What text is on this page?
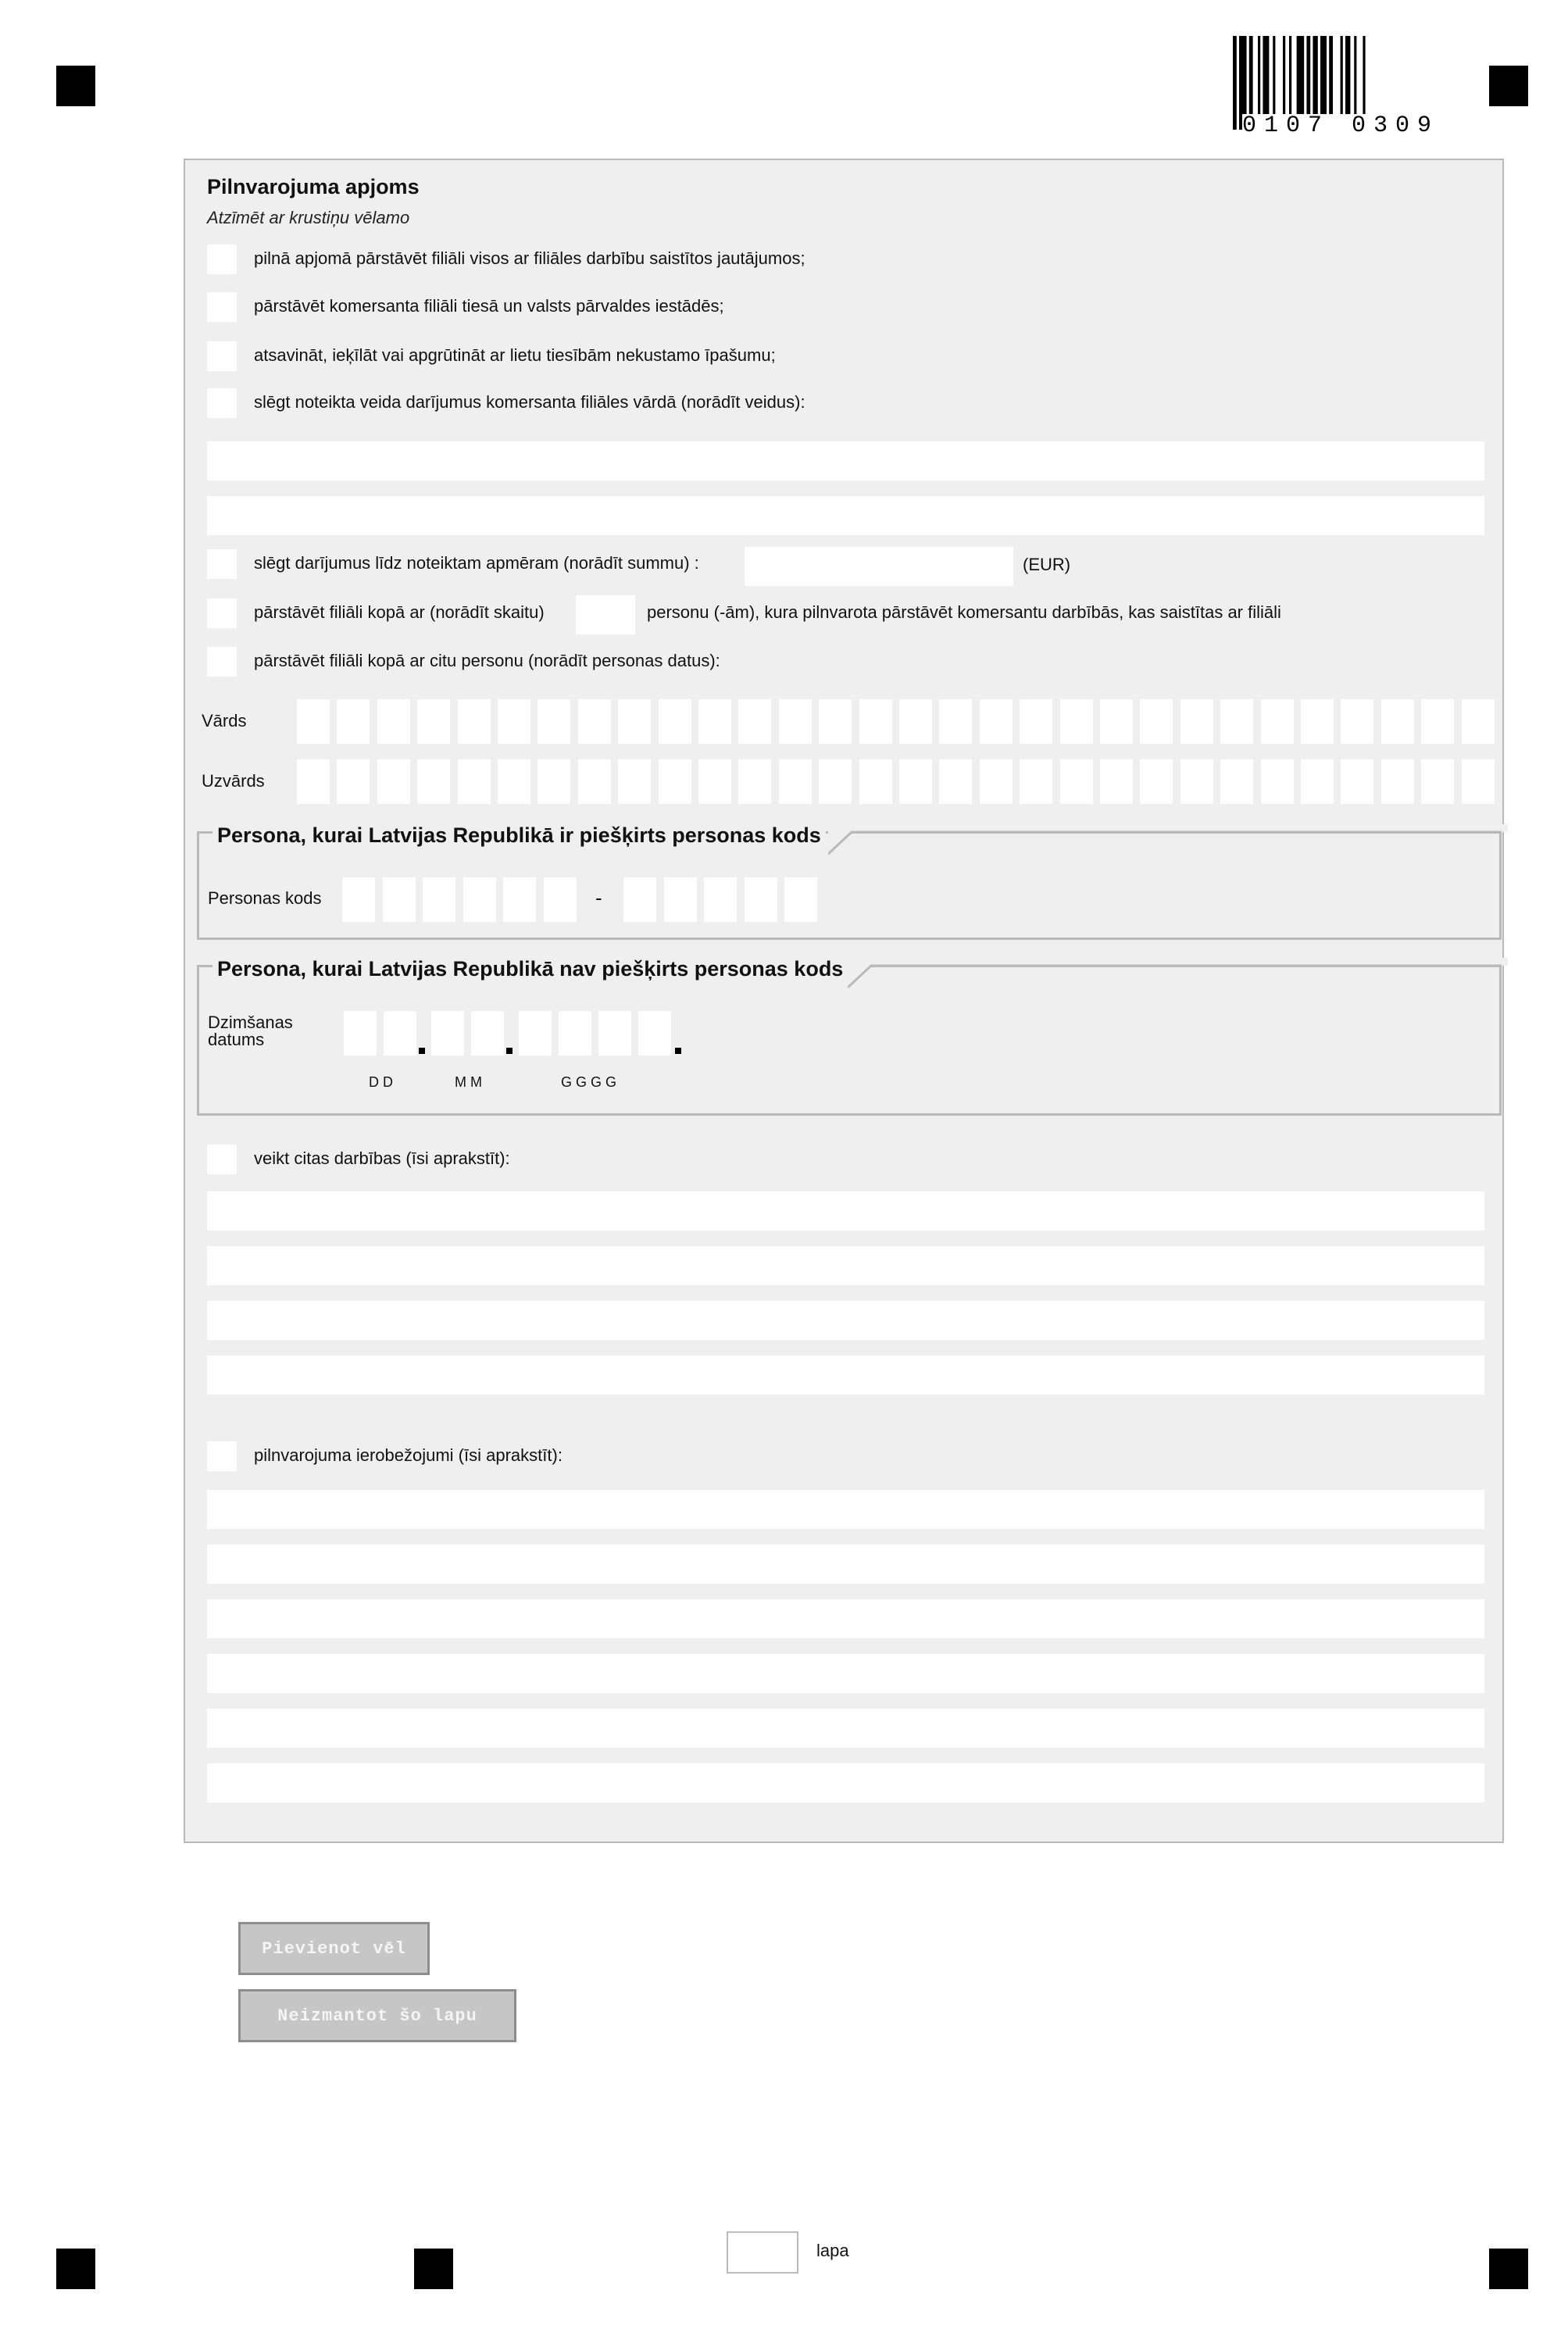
0107 0309
Pilnvarojuma apjoms
Atzīmēt ar krustiņu vēlamo
pilnā apjomā pārstāvēt filiāli visos ar filiāles darbību saistītos jautājumos;
pārstāvēt komersanta filiāli tiesā un valsts pārvaldes iestādēs;
atsavināt, ieķīlāt vai apgrūtināt ar lietu tiesībām nekustamo īpašumu;
slēgt noteikta veida darījumus komersanta filiāles vārdā (norādīt veidus):
slēgt darījumus līdz noteiktam apmēram (norādīt summu) :	(EUR)
pārstāvēt filiāli kopā ar (norādīt skaitu)	personu (-ām), kura pilnvarota pārstāvēt komersantu darbībās, kas saistītas ar filiāli
pārstāvēt filiāli kopā ar citu personu (norādīt personas datus):
Vārds
Uzvārds
Persona, kurai Latvijas Republikā ir piešķirts personas kods
Personas kods	-
Persona, kurai Latvijas Republikā nav piešķirts personas kods
Dzimšanas
datums
DD	MM	GGGG
veikt citas darbības (īsi aprakstīt):
pilnvarojuma ierobežojumi (īsi aprakstīt):
Pievienot vēl
Neizmantot šo lapu
lapa
